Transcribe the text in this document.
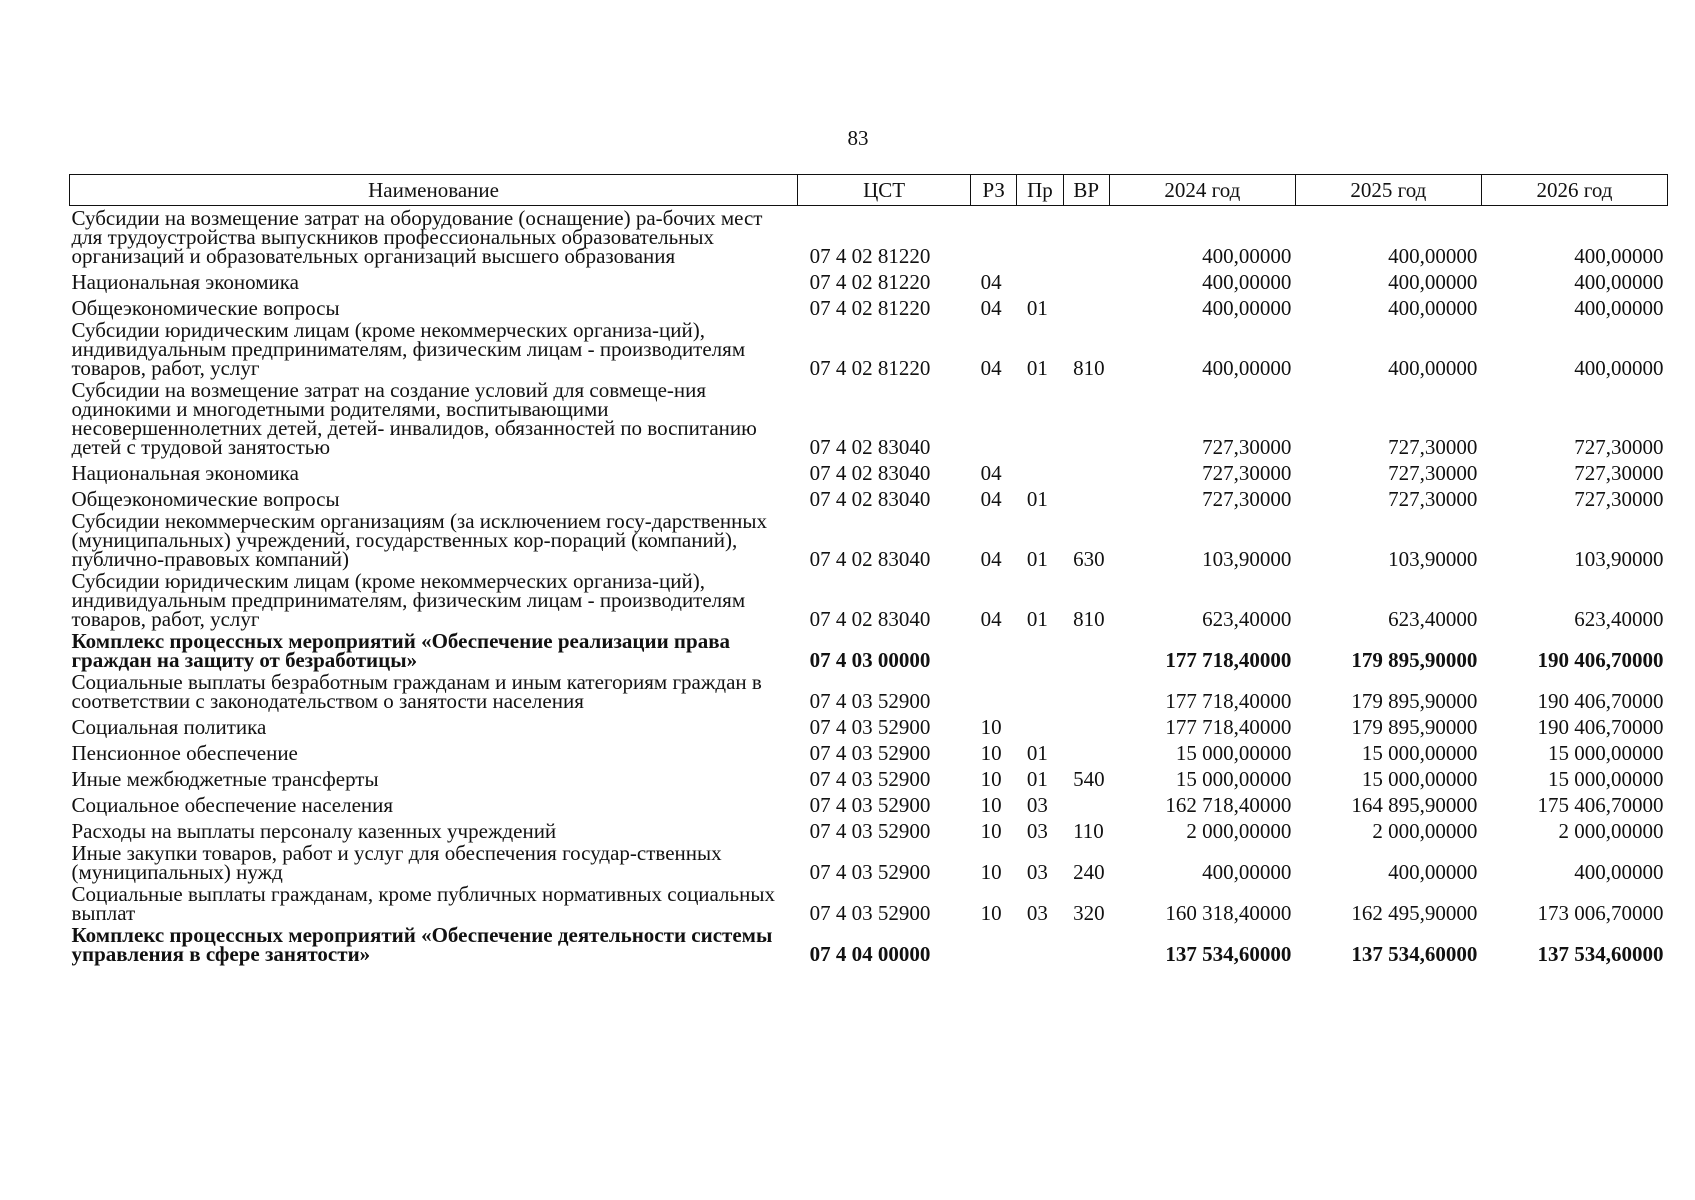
83
Наименование	ЦСТ	РЗ	Пр	ВР	2024 год	2025 год	2026 год
Субсидии на возмещение затрат на оборудование (оснащение) ра-бочих мест для трудоустройства выпускников профессиональных образовательных организаций и образовательных организаций высшего образования	07 4 02 81220				400,00000	400,00000	400,00000
Национальная экономика	07 4 02 81220	04			400,00000	400,00000	400,00000
Общеэкономические вопросы	07 4 02 81220	04	01		400,00000	400,00000	400,00000
Субсидии юридическим лицам (кроме некоммерческих организа-ций), индивидуальным предпринимателям, физическим лицам - производителям товаров, работ, услуг	07 4 02 81220	04	01	810	400,00000	400,00000	400,00000
Субсидии на возмещение затрат на создание условий для совмеще-ния одинокими и многодетными родителями, воспитывающими несовершеннолетних детей, детей- инвалидов, обязанностей по воспитанию детей с трудовой занятостью	07 4 02 83040				727,30000	727,30000	727,30000
Национальная экономика	07 4 02 83040	04			727,30000	727,30000	727,30000
Общеэкономические вопросы	07 4 02 83040	04	01		727,30000	727,30000	727,30000
Субсидии некоммерческим организациям (за исключением госу-дарственных (муниципальных) учреждений, государственных кор-пораций (компаний), публично-правовых компаний)	07 4 02 83040	04	01	630	103,90000	103,90000	103,90000
Субсидии юридическим лицам (кроме некоммерческих организа-ций), индивидуальным предпринимателям, физическим лицам - производителям товаров, работ, услуг	07 4 02 83040	04	01	810	623,40000	623,40000	623,40000
Комплекс процессных мероприятий «Обеспечение реализации права граждан на защиту от безработицы»	07 4 03 00000				177 718,40000	179 895,90000	190 406,70000
Социальные выплаты безработным гражданам и иным категориям граждан в соответствии с законодательством о занятости населения	07 4 03 52900				177 718,40000	179 895,90000	190 406,70000
Социальная политика	07 4 03 52900	10			177 718,40000	179 895,90000	190 406,70000
Пенсионное обеспечение	07 4 03 52900	10	01		15 000,00000	15 000,00000	15 000,00000
Иные межбюджетные трансферты	07 4 03 52900	10	01	540	15 000,00000	15 000,00000	15 000,00000
Социальное обеспечение населения	07 4 03 52900	10	03		162 718,40000	164 895,90000	175 406,70000
Расходы на выплаты персоналу казенных учреждений	07 4 03 52900	10	03	110	2 000,00000	2 000,00000	2 000,00000
Иные закупки товаров, работ и услуг для обеспечения государ-ственных (муниципальных) нужд	07 4 03 52900	10	03	240	400,00000	400,00000	400,00000
Социальные выплаты гражданам, кроме публичных нормативных социальных выплат	07 4 03 52900	10	03	320	160 318,40000	162 495,90000	173 006,70000
Комплекс процессных мероприятий «Обеспечение деятельности системы управления в сфере занятости»	07 4 04 00000				137 534,60000	137 534,60000	137 534,60000
